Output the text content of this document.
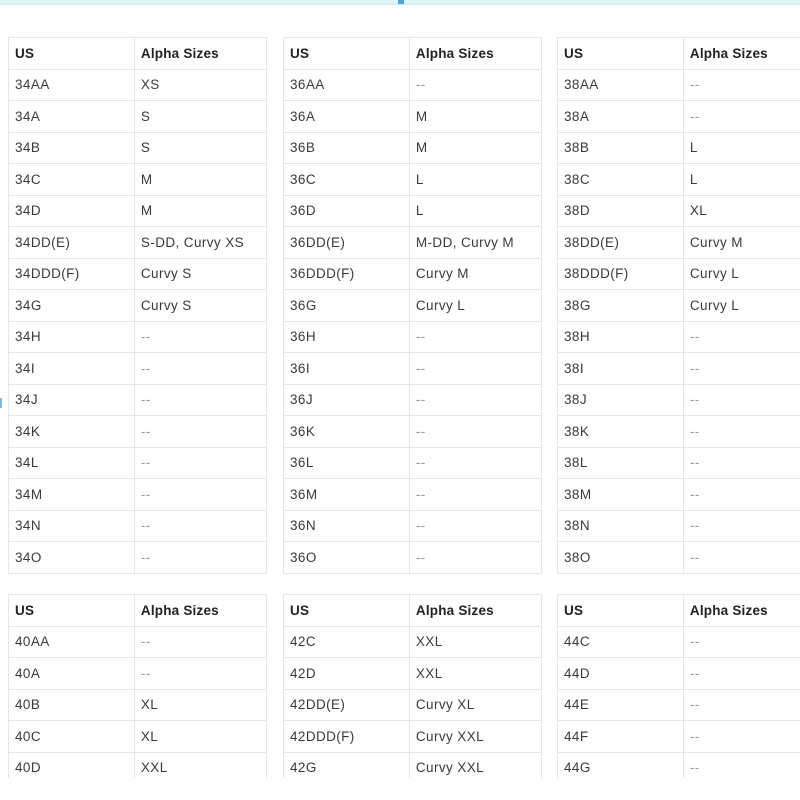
US	Alpha Sizes
34AA	XS
34A	S
34B	S
34C	M
34D	M
34DD(E)	S-DD, Curvy XS
34DDD(F)	Curvy S
34G	Curvy S
34H	--
34I	--
34J	--
34K	--
34L	--
34M	--
34N	--
34O	--
US	Alpha Sizes
36AA	--
36A	M
36B	M
36C	L
36D	L
36DD(E)	M-DD, Curvy M
36DDD(F)	Curvy M
36G	Curvy L
36H	--
36I	--
36J	--
36K	--
36L	--
36M	--
36N	--
36O	--
US	Alpha Sizes
38AA	--
38A	--
38B	L
38C	L
38D	XL
38DD(E)	Curvy M
38DDD(F)	Curvy L
38G	Curvy L
38H	--
38I	--
38J	--
38K	--
38L	--
38M	--
38N	--
38O	--
US	Alpha Sizes
40AA	--
40A	--
40B	XL
40C	XL
40D	XXL
US	Alpha Sizes
42C	XXL
42D	XXL
42DD(E)	Curvy XL
42DDD(F)	Curvy XXL
42G	Curvy XXL
US	Alpha Sizes
44C	--
44D	--
44E	--
44F	--
44G	--
